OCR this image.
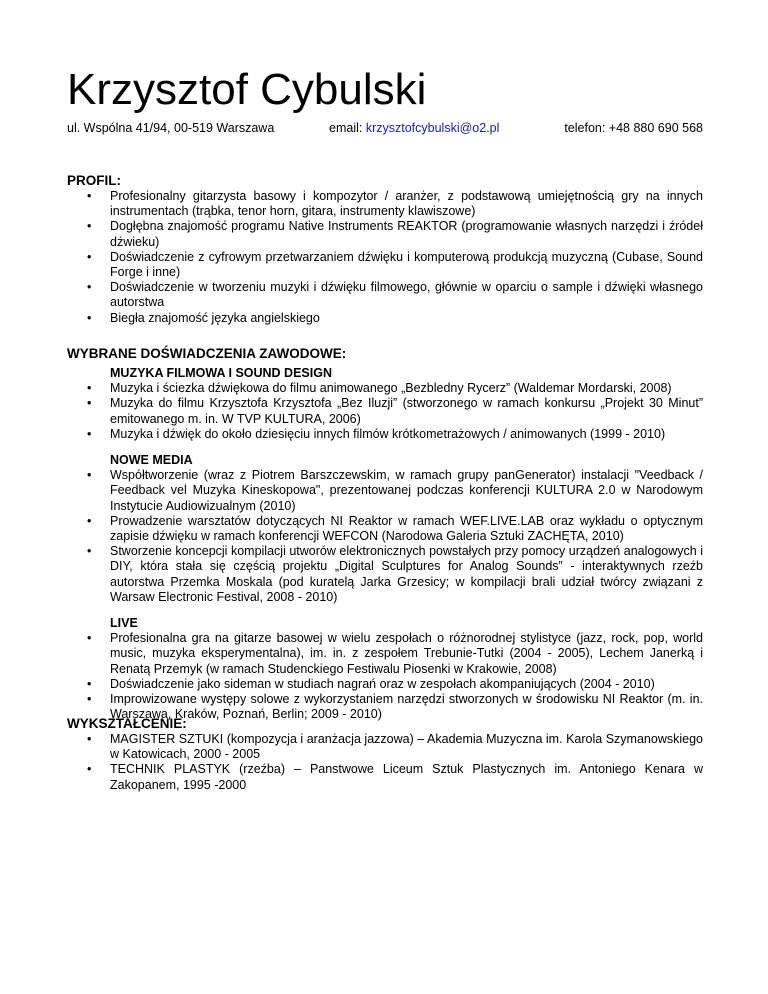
Krzysztof Cybulski
ul. Wspólna 41/94, 00-519 Warszawa	email: krzysztofcybulski@o2.pl	telefon: +48 880 690 568
PROFIL:
• Profesionalny gitarzysta basowy i kompozytor / aranżer, z podstawową umiejętnością gry na innych instrumentach (trąbka, tenor horn, gitara, instrumenty klawiszowe)
• Dogłębna znajomość programu Native Instruments REAKTOR (programowanie własnych narzędzi i źródeł dźwieku)
• Doświadczenie z cyfrowym przetwarzaniem dźwięku i komputerową produkcją muzyczną (Cubase, Sound Forge i inne)
• Doświadczenie w tworzeniu muzyki i dźwięku filmowego, głównie w oparciu o sample i dźwięki własnego autorstwa
• Biegła znajomość języka angielskiego
WYBRANE DOŚWIADCZENIA ZAWODOWE:
MUZYKA FILMOWA I SOUND DESIGN
• Muzyka i ściezka dźwiękowa do filmu animowanego „Bezbledny Rycerz” (Waldemar Mordarski, 2008)
• Muzyka do filmu Krzysztofa Krzysztofa „Bez Iluzji” (stworzonego w ramach konkursu „Projekt 30 Minut” emitowanego m. in. W TVP KULTURA, 2006)
• Muzyka i dźwięk do około dziesięciu innych filmów krótkometrażowych / animowanych (1999 - 2010)
NOWE MEDIA
• Współtworzenie (wraz z Piotrem Barszczewskim, w ramach grupy panGenerator) instalacji "Veedback / Feedback vel Muzyka Kineskopowa", prezentowanej podczas konferencji KULTURA 2.0 w Narodowym Instytucie Audiowizualnym (2010)
• Prowadzenie warsztatów dotyczących NI Reaktor w ramach WEF.LIVE.LAB oraz wykładu o optycznym zapisie dźwięku w ramach konferencji WEFCON (Narodowa Galeria Sztuki ZACHĘTA, 2010)
• Stworzenie koncepcji kompilacji utworów elektronicznych powstałych przy pomocy urządzeń analogowych i DIY, która stała się częścią projektu „Digital Sculptures for Analog Sounds” - interaktywnych rzeźb autorstwa Przemka Moskala (pod kuratelą Jarka Grzesicy; w kompilacji brali udział twórcy związani z Warsaw Electronic Festival, 2008 - 2010)
LIVE
• Profesionalna gra na gitarze basowej w wielu zespołach o różnorodnej stylistyce (jazz, rock, pop, world music, muzyka eksperymentalna), im. in. z zespołem Trebunie-Tutki (2004 - 2005), Lechem Janerką i Renatą Przemyk (w ramach Studenckiego Festiwalu Piosenki w Krakowie, 2008)
• Doświadczenie jako sideman w studiach nagrań oraz w zespołach akompaniujących (2004 - 2010)
• Improwizowane występy solowe z wykorzystaniem narzędzi stworzonych w środowisku NI Reaktor (m. in. Warszawa, Kraków, Poznań, Berlin; 2009 - 2010)
WYKSZTAŁCENIE:
• MAGISTER SZTUKI (kompozycja i aranżacja jazzowa) – Akademia Muzyczna im. Karola Szymanowskiego w Katowicach, 2000 - 2005
• TECHNIK PLASTYK (rzeźba) – Panstwowe Liceum Sztuk Plastycznych im. Antoniego Kenara w Zakopanem, 1995 -2000
